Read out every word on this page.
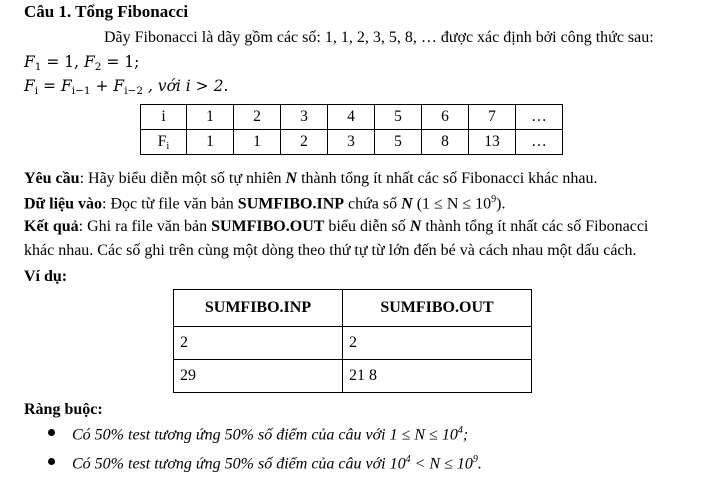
Câu 1. Tổng Fibonacci
Dãy Fibonacci là dãy gồm các số: 1, 1, 2, 3, 5, 8, … được xác định bởi công thức sau:
$F_1 = 1$, $F_2 = 1$;
$F_i = F_{i-1} + F_{i-2}$ , với i > 2.
i	1	2	3	4	5	6	7	…
$F_i$	1	1	2	3	5	8	13	…
Yêu cầu: Hãy biểu diễn một số tự nhiên N thành tổng ít nhất các số Fibonacci khác nhau.
Dữ liệu vào: Đọc từ file văn bản SUMFIBO.INP chứa số N $(1 \le N \le 10^9)$.
Kết quả: Ghi ra file văn bản SUMFIBO.OUT biểu diễn số N thành tổng ít nhất các số Fibonacci
khác nhau. Các số ghi trên cùng một dòng theo thứ tự từ lớn đến bé và cách nhau một dấu cách.
Ví dụ:
SUMFIBO.INP	SUMFIBO.OUT
2	2
29	21 8
Ràng buộc:
Có 50% test tương ứng 50% số điểm của câu với $1 \le N \le 10^4$;
Có 50% test tương ứng 50% số điểm của câu với $10^4 < N \le 10^9$.
